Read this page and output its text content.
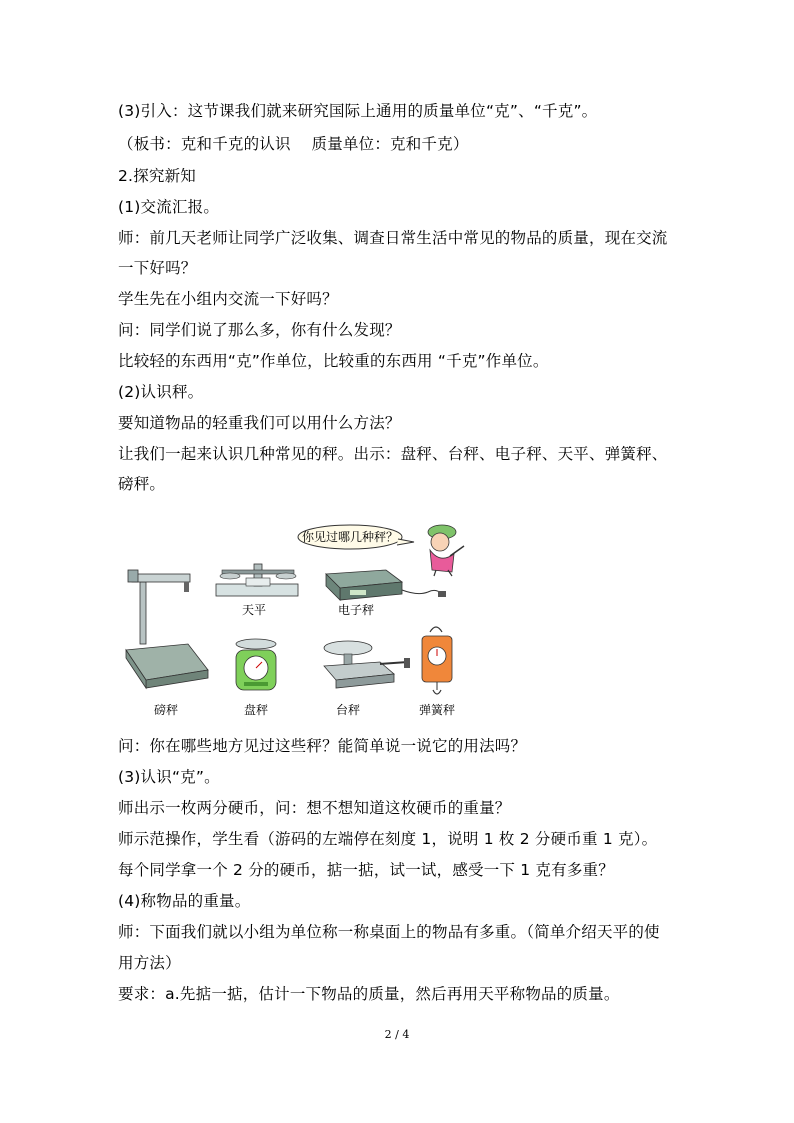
(3)引入：这节课我们就来研究国际上通用的质量单位“克”、“千克”。
（板书：克和千克的认识　 质量单位：克和千克）
2.探究新知
(1)交流汇报。
师：前几天老师让同学广泛收集、调查日常生活中常见的物品的质量，现在交流
一下好吗？
学生先在小组内交流一下好吗？
问：同学们说了那么多，你有什么发现？
比较轻的东西用“克”作单位，比较重的东西用 “千克”作单位。
(2)认识秤。
要知道物品的轻重我们可以用什么方法？
让我们一起来认识几种常见的秤。出示：盘秤、台秤、电子秤、天平、弹簧秤、
磅秤。
你见过哪几种秤？
天平	电子秤
盘秤	台秤	弹簧秤
磅秤
问：你在哪些地方见过这些秤？能简单说一说它的用法吗？
(3)认识“克”。
师出示一枚两分硬币，问：想不想知道这枚硬币的重量？
师示范操作，学生看（游码的左端停在刻度 1，说明 1 枚 2 分硬币重 1 克）。
每个同学拿一个 2 分的硬币，掂一掂，试一试，感受一下 1 克有多重？
(4)称物品的重量。
师：下面我们就以小组为单位称一称桌面上的物品有多重。（简单介绍天平的使
用方法）
要求：a.先掂一掂，估计一下物品的质量，然后再用天平称物品的质量。
2 / 4
